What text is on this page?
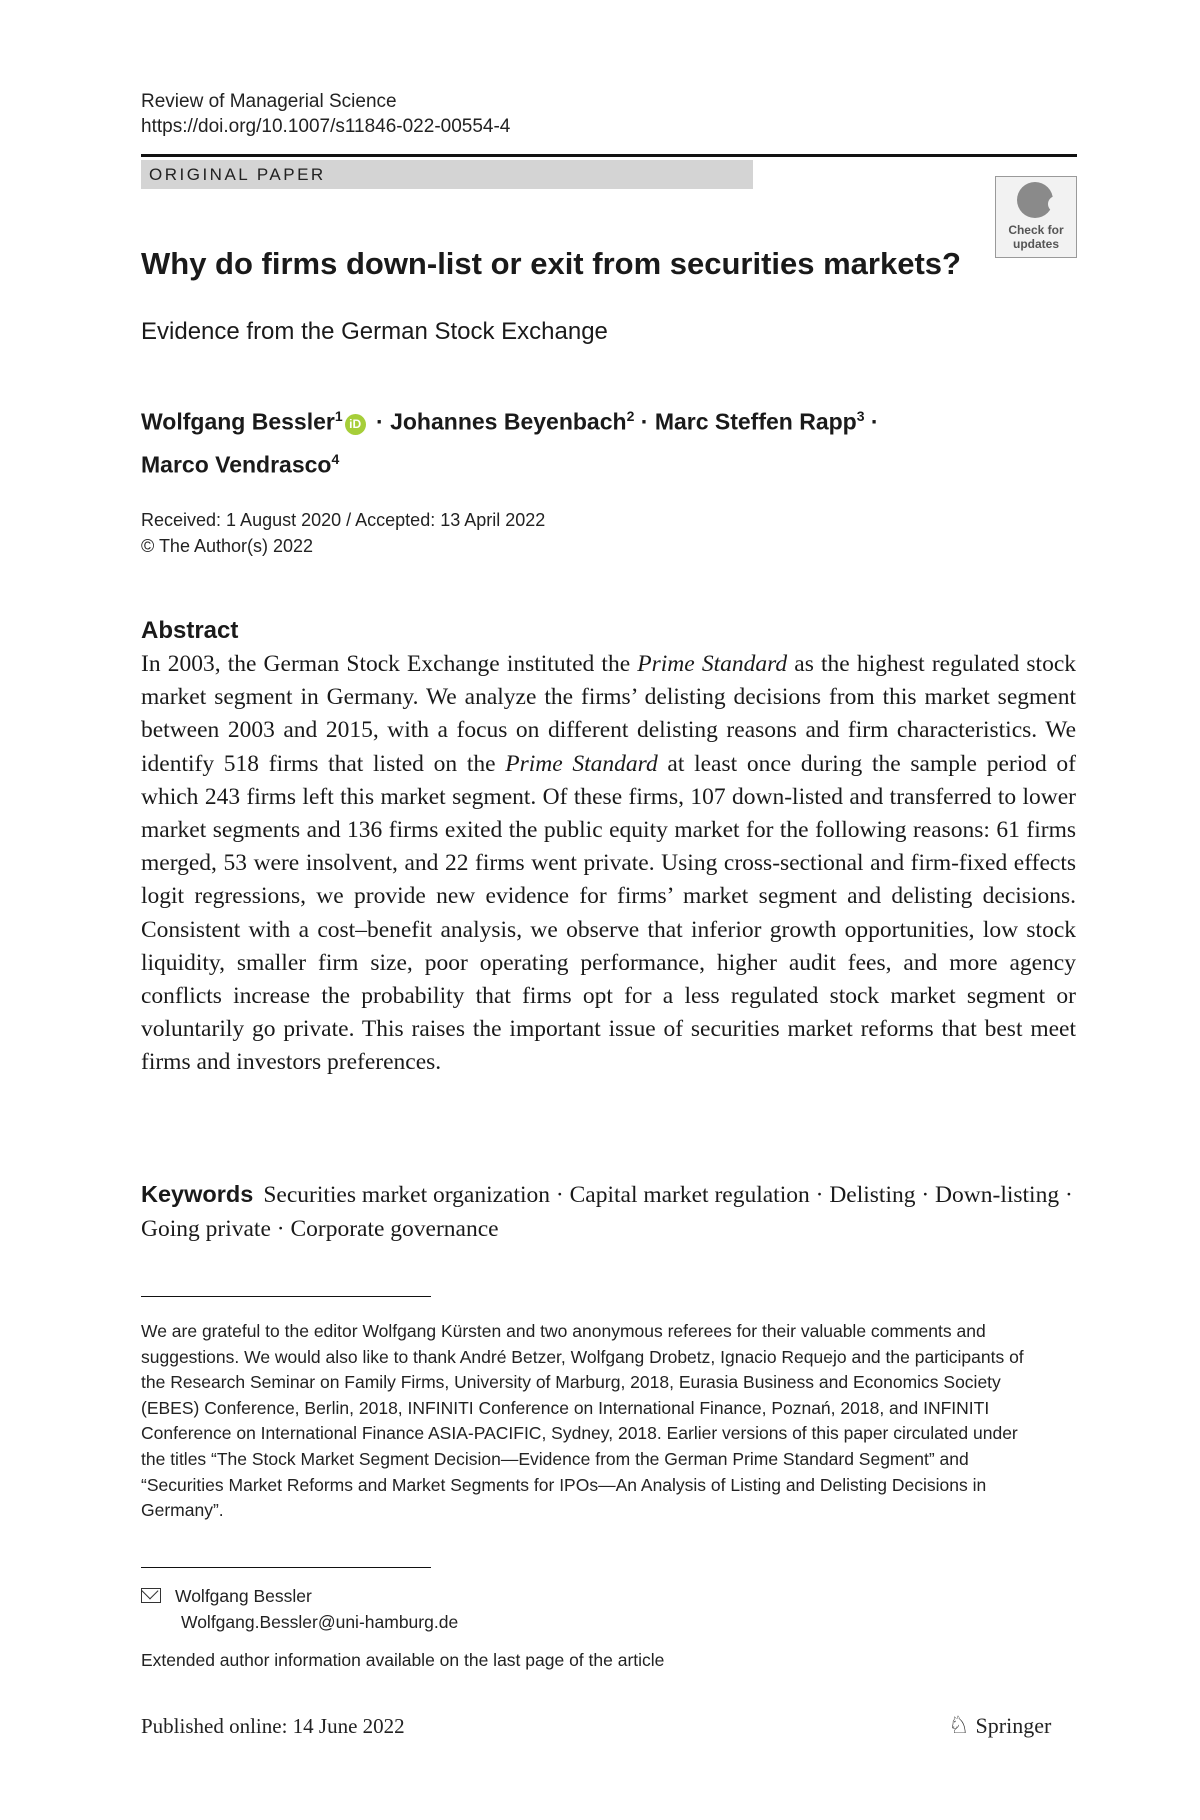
Review of Managerial Science
https://doi.org/10.1007/s11846-022-00554-4
ORIGINAL PAPER
Check for updates
Why do firms down-list or exit from securities markets?
Evidence from the German Stock Exchange
Wolfgang Bessler$^1$ iD · Johannes Beyenbach$^2$ · Marc Steffen Rapp$^3$ ·
Marco Vendrasco$^4$
Received: 1 August 2020 / Accepted: 13 April 2022
© The Author(s) 2022
Abstract
In 2003, the German Stock Exchange instituted the Prime Standard as the highest regulated stock market segment in Germany. We analyze the firms’ delisting decisions from this market segment between 2003 and 2015, with a focus on different delisting reasons and firm characteristics. We identify 518 firms that listed on the Prime Standard at least once during the sample period of which 243 firms left this market segment. Of these firms, 107 down-listed and transferred to lower market segments and 136 firms exited the public equity market for the following reasons: 61 firms merged, 53 were insolvent, and 22 firms went private. Using cross-sectional and firm-fixed effects logit regressions, we provide new evidence for firms’ market segment and delisting decisions. Consistent with a cost–benefit analysis, we observe that inferior growth opportunities, low stock liquidity, smaller firm size, poor operating performance, higher audit fees, and more agency conflicts increase the probability that firms opt for a less regulated stock market segment or voluntarily go private. This raises the important issue of securities market reforms that best meet firms and investors preferences.
Keywords Securities market organization · Capital market regulation · Delisting · Down-listing · Going private · Corporate governance
We are grateful to the editor Wolfgang Kürsten and two anonymous referees for their valuable comments and suggestions. We would also like to thank André Betzer, Wolfgang Drobetz, Ignacio Requejo and the participants of the Research Seminar on Family Firms, University of Marburg, 2018, Eurasia Business and Economics Society (EBES) Conference, Berlin, 2018, INFINITI Conference on International Finance, Poznań, 2018, and INFINITI Conference on International Finance ASIA-PACIFIC, Sydney, 2018. Earlier versions of this paper circulated under the titles “The Stock Market Segment Decision—Evidence from the German Prime Standard Segment” and “Securities Market Reforms and Market Segments for IPOs—An Analysis of Listing and Delisting Decisions in Germany”.
Wolfgang Bessler
Wolfgang.Bessler@uni-hamburg.de
Extended author information available on the last page of the article
Published online: 14 June 2022	♘ Springer
